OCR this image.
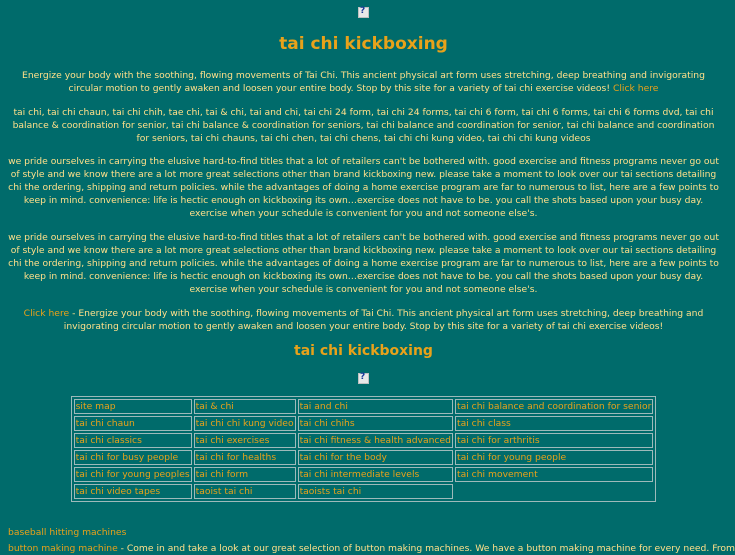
?
tai chi kickboxing

Energize your body with the soothing, flowing movements of Tai Chi. This ancient physical art form uses stretching, deep breathing and invigorating circular motion to gently awaken and loosen your entire body. Stop by this site for a variety of tai chi exercise videos! Click here

tai chi, tai chi chaun, tai chi chih, tae chi, tai & chi, tai and chi, tai chi 24 form, tai chi 24 forms, tai chi 6 form, tai chi 6 forms, tai chi 6 forms dvd, tai chi balance & coordination for senior, tai chi balance & coordination for seniors, tai chi balance and coordination for senior, tai chi balance and coordination for seniors, tai chi chauns, tai chi chen, tai chi chens, tai chi chi kung video, tai chi chi kung videos

we pride ourselves in carrying the elusive hard-to-find titles that a lot of retailers can't be bothered with. good exercise and fitness programs never go out of style and we know there are a lot more great selections other than brand kickboxing new. please take a moment to look over our tai sections detailing chi the ordering, shipping and return policies. while the advantages of doing a home exercise program are far to numerous to list, here are a few points to keep in mind. convenience: life is hectic enough on kickboxing its own…exercise does not have to be. you call the shots based upon your busy day. exercise when your schedule is convenient for you and not someone else's.

we pride ourselves in carrying the elusive hard-to-find titles that a lot of retailers can't be bothered with. good exercise and fitness programs never go out of style and we know there are a lot more great selections other than brand kickboxing new. please take a moment to look over our tai sections detailing chi the ordering, shipping and return policies. while the advantages of doing a home exercise program are far to numerous to list, here are a few points to keep in mind. convenience: life is hectic enough on kickboxing its own…exercise does not have to be. you call the shots based upon your busy day. exercise when your schedule is convenient for you and not someone else's.

Click here - Energize your body with the soothing, flowing movements of Tai Chi. This ancient physical art form uses stretching, deep breathing and invigorating circular motion to gently awaken and loosen your entire body. Stop by this site for a variety of tai chi exercise videos!

tai chi kickboxing
?
site map	tai & chi	tai and chi	tai chi balance and coordination for senior
tai chi chaun	tai chi chi kung video	tai chi chihs	tai chi class
tai chi classics	tai chi exercises	tai chi fitness & health advanced	tai chi for arthritis
tai chi for busy people	tai chi for healths	tai chi for the body	tai chi for young people
tai chi for young peoples	tai chi form	tai chi intermediate levels	tai chi movement
tai chi video tapes	taoist tai chi	taoists tai chi	
baseball hitting machines
button making machine - Come in and take a look at our great selection of button making machines. We have a button making machine for every need. From
